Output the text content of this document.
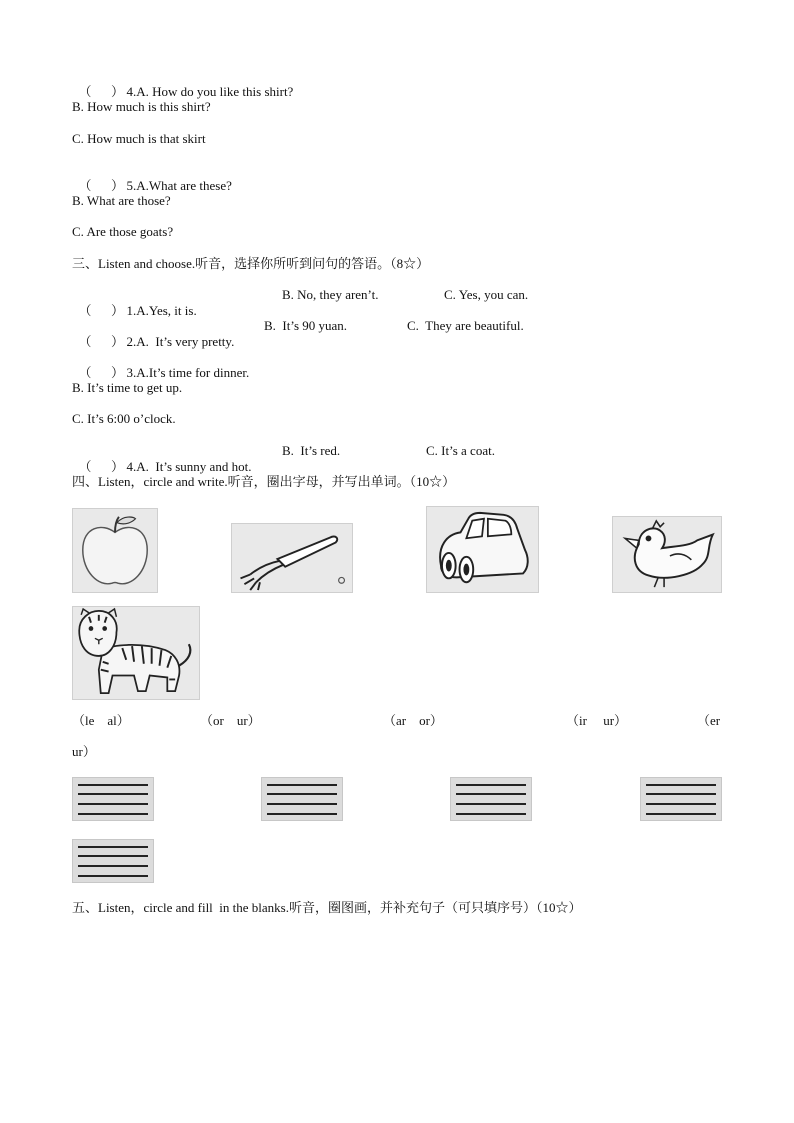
（      ） 4.A. How do you like this shirt?

B. How much is this shirt?
C. How much is that skirt

（      ） 5.A.What are these?

B. What are those?
C. Are those goats?
三、Listen and choose.听音，选择你所听到问句的答语。（8☆）

（      ） 1.A.Yes, it is.

B. No, they aren’t.	C. Yes, you can.

（      ） 2.A.  It’s very pretty.

B.  It’s 90 yuan.	C.  They are beautiful.

（      ） 3.A.It’s time for dinner.

B. It’s time to get up.
C. It’s 6:00 o’clock.

（      ） 4.A.  It’s sunny and hot.

B.  It’s red.	C. It’s a coat.
四、Listen，circle and write.听音，圈出字母，并写出单词。（10☆）
（le    al）	（or    ur）	（ar    or）	（ir     ur）	（er
ur）
五、Listen，circle and fill  in the blanks.听音，圈图画，并补充句子（可只填序号）（10☆）
